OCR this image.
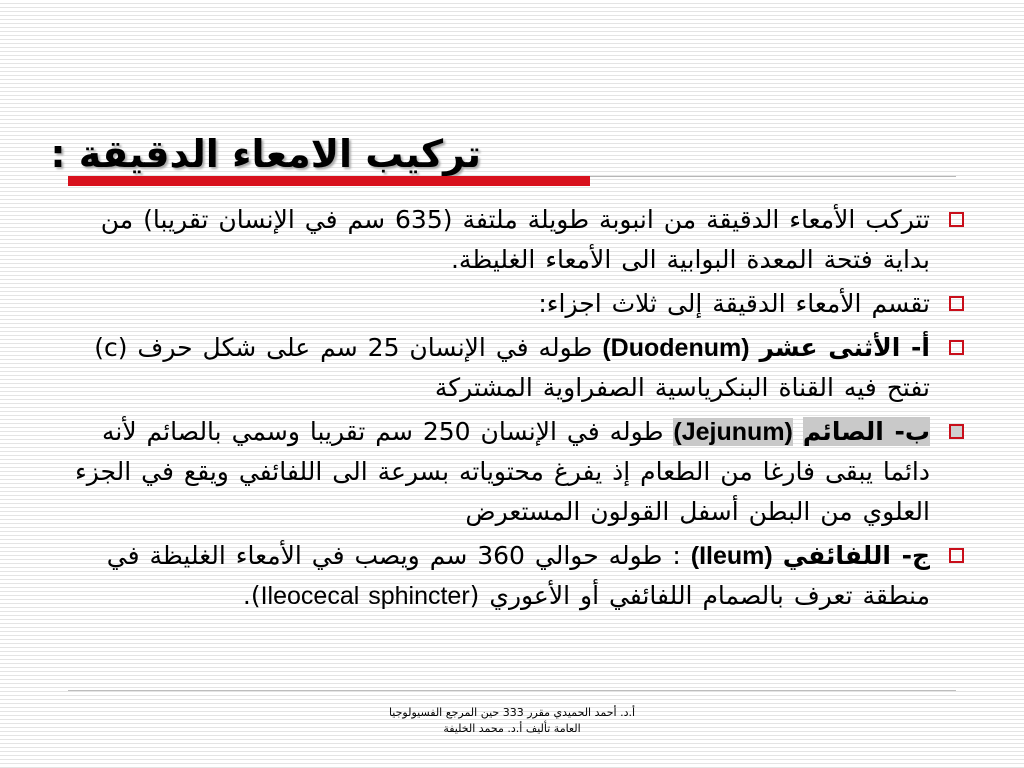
تركيب الامعاء الدقيقة :
تتركب الأمعاء الدقيقة من انبوبة طويلة ملتفة (635 سم في الإنسان تقريبا) من بداية فتحة المعدة البوابية الى الأمعاء الغليظة.
تقسم الأمعاء الدقيقة إلى ثلاث اجزاء:
أ- الأثنى عشر (Duodenum) طوله في الإنسان 25 سم على شكل حرف (c) تفتح فيه القناة البنكرياسية الصفراوية المشتركة
ب- الصائم (Jejunum) طوله في الإنسان 250 سم تقريبا وسمي بالصائم لأنه دائما يبقى فارغا من الطعام إذ يفرغ محتوياته بسرعة الى اللفائفي ويقع في الجزء العلوي من البطن أسفل القولون المستعرض
ج- اللفائفي (Ileum) : طوله حوالي 360 سم ويصب في الأمعاء الغليظة في منطقة تعرف بالصمام اللفائفي أو الأعوري (Ileocecal sphincter).
أ.د. أحمد الحميدي مقرر 333 حين المرجع الفسيولوجيا
العامة تأليف أ.د. محمد الخليفة
